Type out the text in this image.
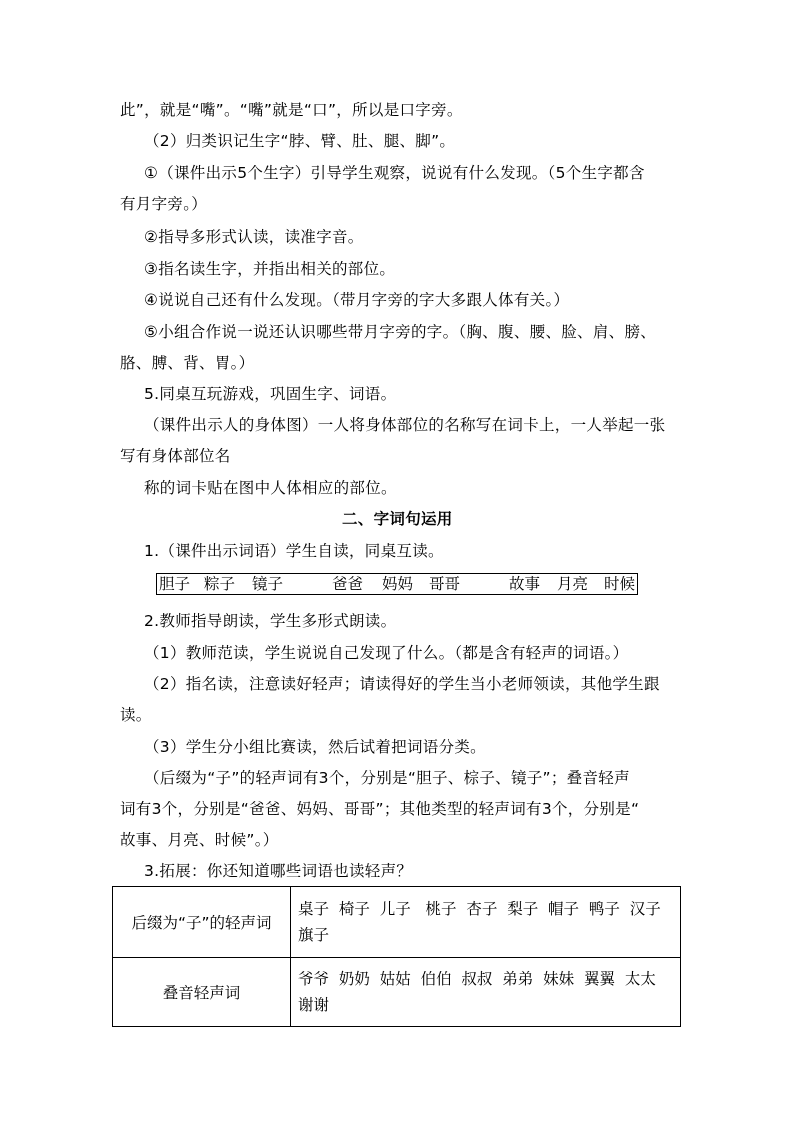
此”，就是“嘴”。“嘴”就是“口”，所以是口字旁。
（2）归类识记生字“脖、臂、肚、腿、脚”。
①（课件出示5个生字）引导学生观察，说说有什么发现。（5个生字都含
有月字旁。）
②指导多形式认读，读准字音。
③指名读生字，并指出相关的部位。
④说说自己还有什么发现。（带月字旁的字大多跟人体有关。）
⑤小组合作说一说还认识哪些带月字旁的字。（胸、腹、腰、脸、肩、膀、
胳、膊、背、胃。）
5.同桌互玩游戏，巩固生字、词语。
（课件出示人的身体图）一人将身体部位的名称写在词卡上，一人举起一张
写有身体部位名
称的词卡贴在图中人体相应的部位。
二、字词句运用
1.（课件出示词语）学生自读，同桌互读。
胆子 粽子 镜子	爸爸 妈妈 哥哥	故事 月亮 时候
2.教师指导朗读，学生多形式朗读。
（1）教师范读，学生说说自己发现了什么。（都是含有轻声的词语。）
（2）指名读，注意读好轻声；请读得好的学生当小老师领读，其他学生跟
读。
（3）学生分小组比赛读，然后试着把词语分类。
（后缀为“子”的轻声词有3个，分别是“胆子、棕子、镜子”；叠音轻声
词有3个，分别是“爸爸、妈妈、哥哥”；其他类型的轻声词有3个，分别是“
故事、月亮、时候”。）
3.拓展：你还知道哪些词语也读轻声？
后缀为“子”的轻声词	桌子  椅子  儿子   桃子  杏子  梨子  帽子  鸭子  汉子
旗子

叠音轻声词	爷爷  奶奶  姑姑  伯伯  叔叔  弟弟  妹妹  翼翼  太太
谢谢
